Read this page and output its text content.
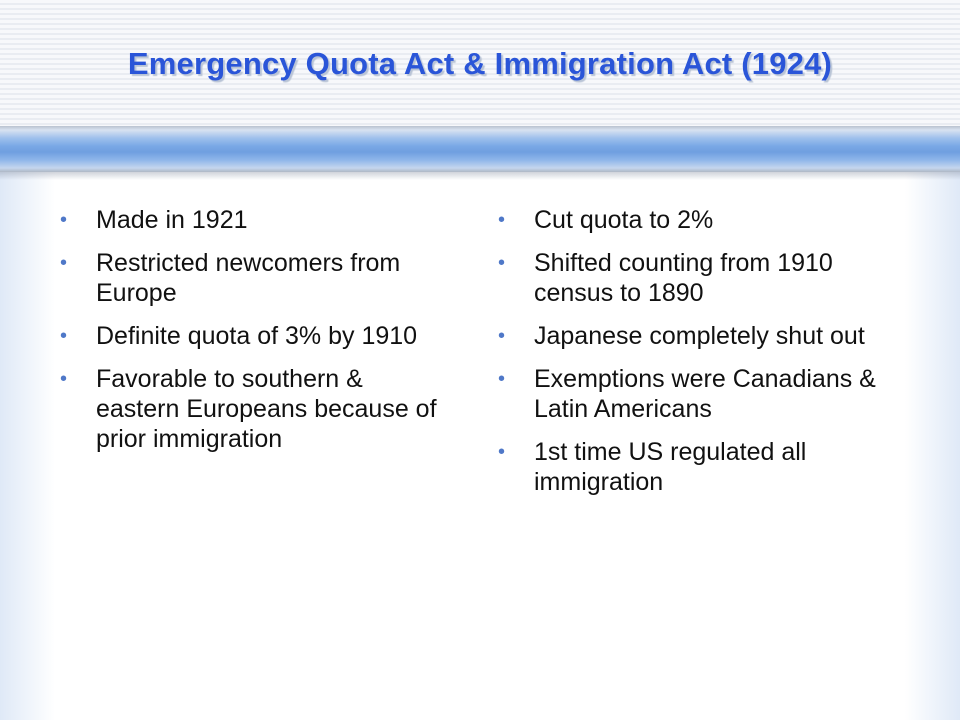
Emergency Quota Act & Immigration Act (1924)
•	Made in 1921
•	Restricted newcomers from Europe
•	Definite quota of 3% by 1910
•	Favorable to southern & eastern Europeans because of prior immigration
•	Cut quota to 2%
•	Shifted counting from 1910 census to 1890
•	Japanese completely shut out
•	Exemptions were Canadians & Latin Americans
•	1st time US regulated all immigration
